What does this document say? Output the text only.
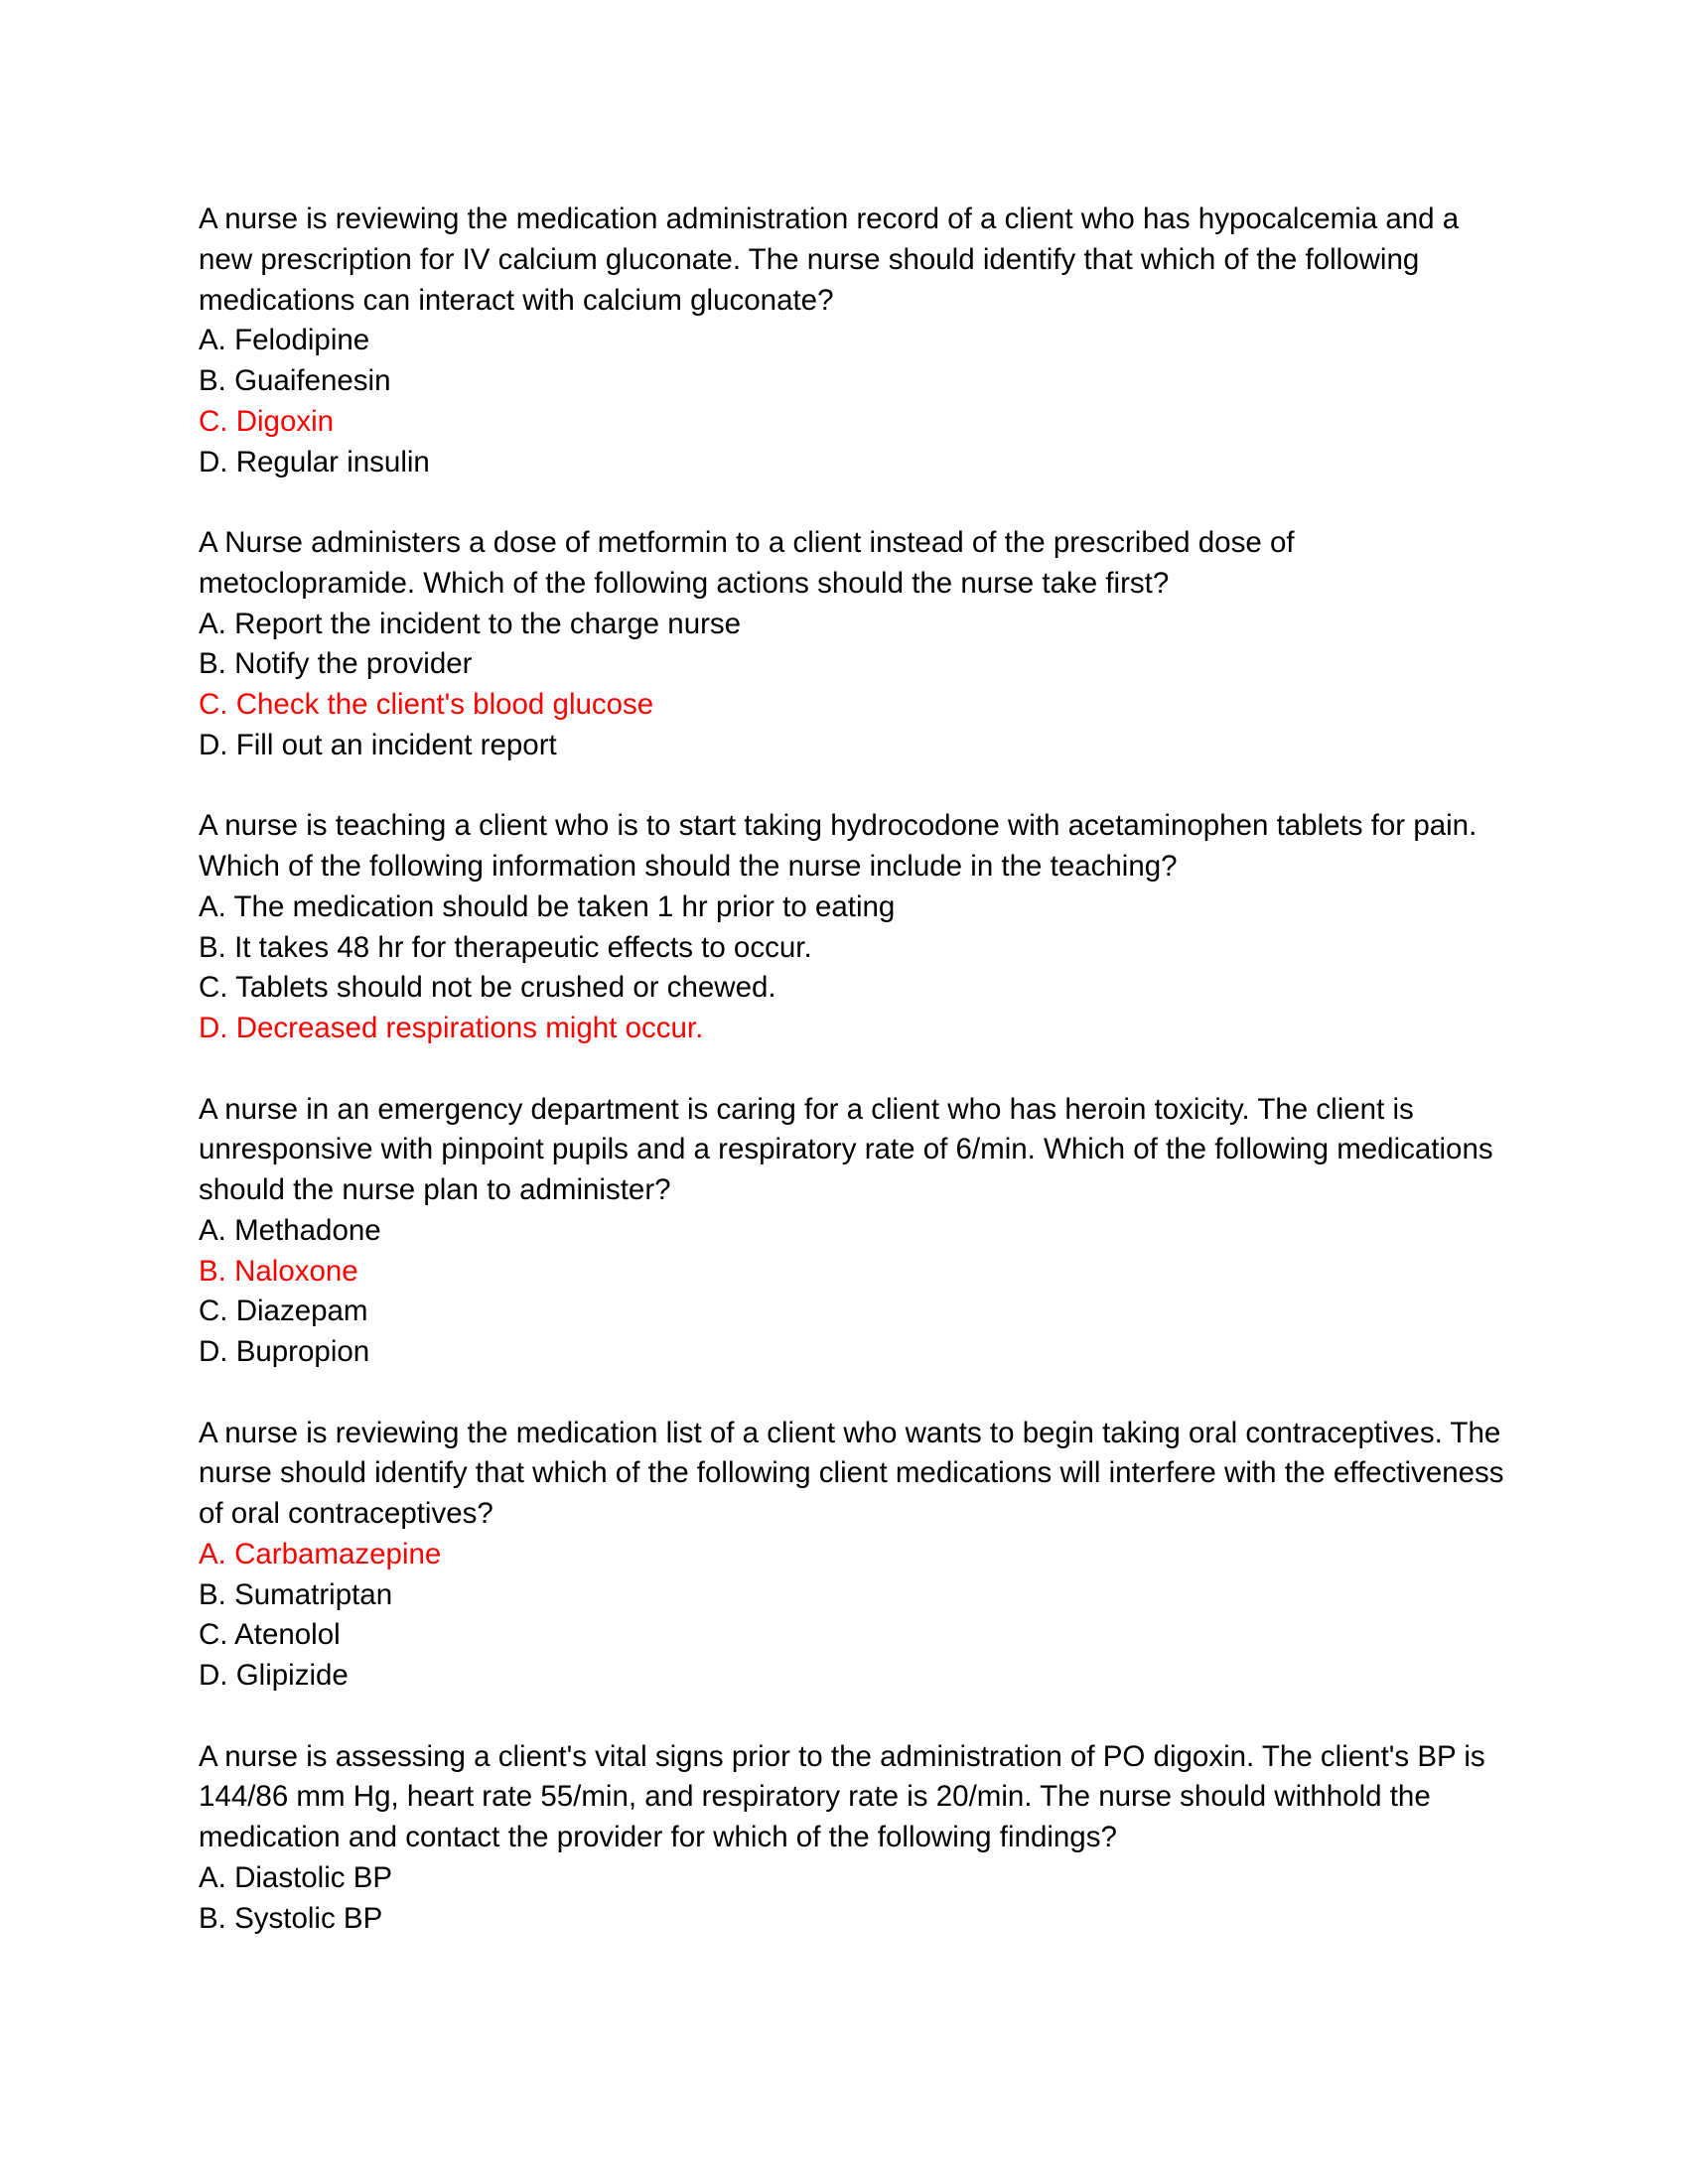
A nurse is reviewing the medication administration record of a client who has hypocalcemia and a new prescription for IV calcium gluconate. The nurse should identify that which of the following medications can interact with calcium gluconate?

A. Felodipine

B. Guaifenesin

C. Digoxin

D. Regular insulin

A Nurse administers a dose of metformin to a client instead of the prescribed dose of metoclopramide. Which of the following actions should the nurse take first?

A. Report the incident to the charge nurse

B. Notify the provider

C. Check the client's blood glucose

D. Fill out an incident report

A nurse is teaching a client who is to start taking hydrocodone with acetaminophen tablets for pain. Which of the following information should the nurse include in the teaching?

A. The medication should be taken 1 hr prior to eating

B. It takes 48 hr for therapeutic effects to occur.

C. Tablets should not be crushed or chewed.

D. Decreased respirations might occur.

A nurse in an emergency department is caring for a client who has heroin toxicity. The client is unresponsive with pinpoint pupils and a respiratory rate of 6/min. Which of the following medications should the nurse plan to administer?

A. Methadone

B. Naloxone

C. Diazepam

D. Bupropion

A nurse is reviewing the medication list of a client who wants to begin taking oral contraceptives. The nurse should identify that which of the following client medications will interfere with the effectiveness of oral contraceptives?

A. Carbamazepine

B. Sumatriptan

C. Atenolol

D. Glipizide

A nurse is assessing a client's vital signs prior to the administration of PO digoxin. The client's BP is 144/86 mm Hg, heart rate 55/min, and respiratory rate is 20/min. The nurse should withhold the medication and contact the provider for which of the following findings?

A. Diastolic BP

B. Systolic BP
